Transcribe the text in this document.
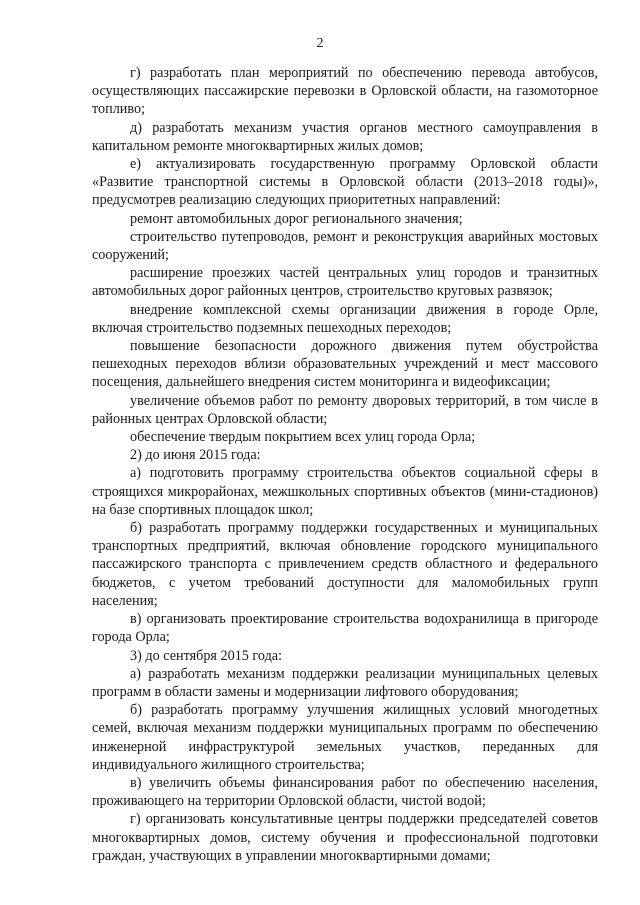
2

г) разработать план мероприятий по обеспечению перевода автобусов, осуществляющих пассажирские перевозки в Орловской области, на газомоторное топливо;

д) разработать механизм участия органов местного самоуправления в капитальном ремонте многоквартирных жилых домов;

е) актуализировать государственную программу Орловской области «Развитие транспортной системы в Орловской области (2013–2018 годы)», предусмотрев реализацию следующих приоритетных направлений:

ремонт автомобильных дорог регионального значения;

строительство путепроводов, ремонт и реконструкция аварийных мостовых сооружений;

расширение проезжих частей центральных улиц городов и транзитных автомобильных дорог районных центров, строительство круговых развязок;

внедрение комплексной схемы организации движения в городе Орле, включая строительство подземных пешеходных переходов;

повышение безопасности дорожного движения путем обустройства пешеходных переходов вблизи образовательных учреждений и мест массового посещения, дальнейшего внедрения систем мониторинга и видеофиксации;

увеличение объемов работ по ремонту дворовых территорий, в том числе в районных центрах Орловской области;

обеспечение твердым покрытием всех улиц города Орла;

2) до июня 2015 года:

а) подготовить программу строительства объектов социальной сферы в строящихся микрорайонах, межшкольных спортивных объектов (мини-стадионов) на базе спортивных площадок школ;

б) разработать программу поддержки государственных и муниципальных транспортных предприятий, включая обновление городского муниципального пассажирского транспорта с привлечением средств областного и федерального бюджетов, с учетом требований доступности для маломобильных групп населения;

в) организовать проектирование строительства водохранилища в пригороде города Орла;

3) до сентября 2015 года:

а) разработать механизм поддержки реализации муниципальных целевых программ в области замены и модернизации лифтового оборудования;

б) разработать программу улучшения жилищных условий многодетных семей, включая механизм поддержки муниципальных программ по обеспечению инженерной инфраструктурой земельных участков, переданных для индивидуального жилищного строительства;

в) увеличить объемы финансирования работ по обеспечению населения, проживающего на территории Орловской области, чистой водой;

г) организовать консультативные центры поддержки председателей советов многоквартирных домов, систему обучения и профессиональной подготовки граждан, участвующих в управлении многоквартирными домами;
